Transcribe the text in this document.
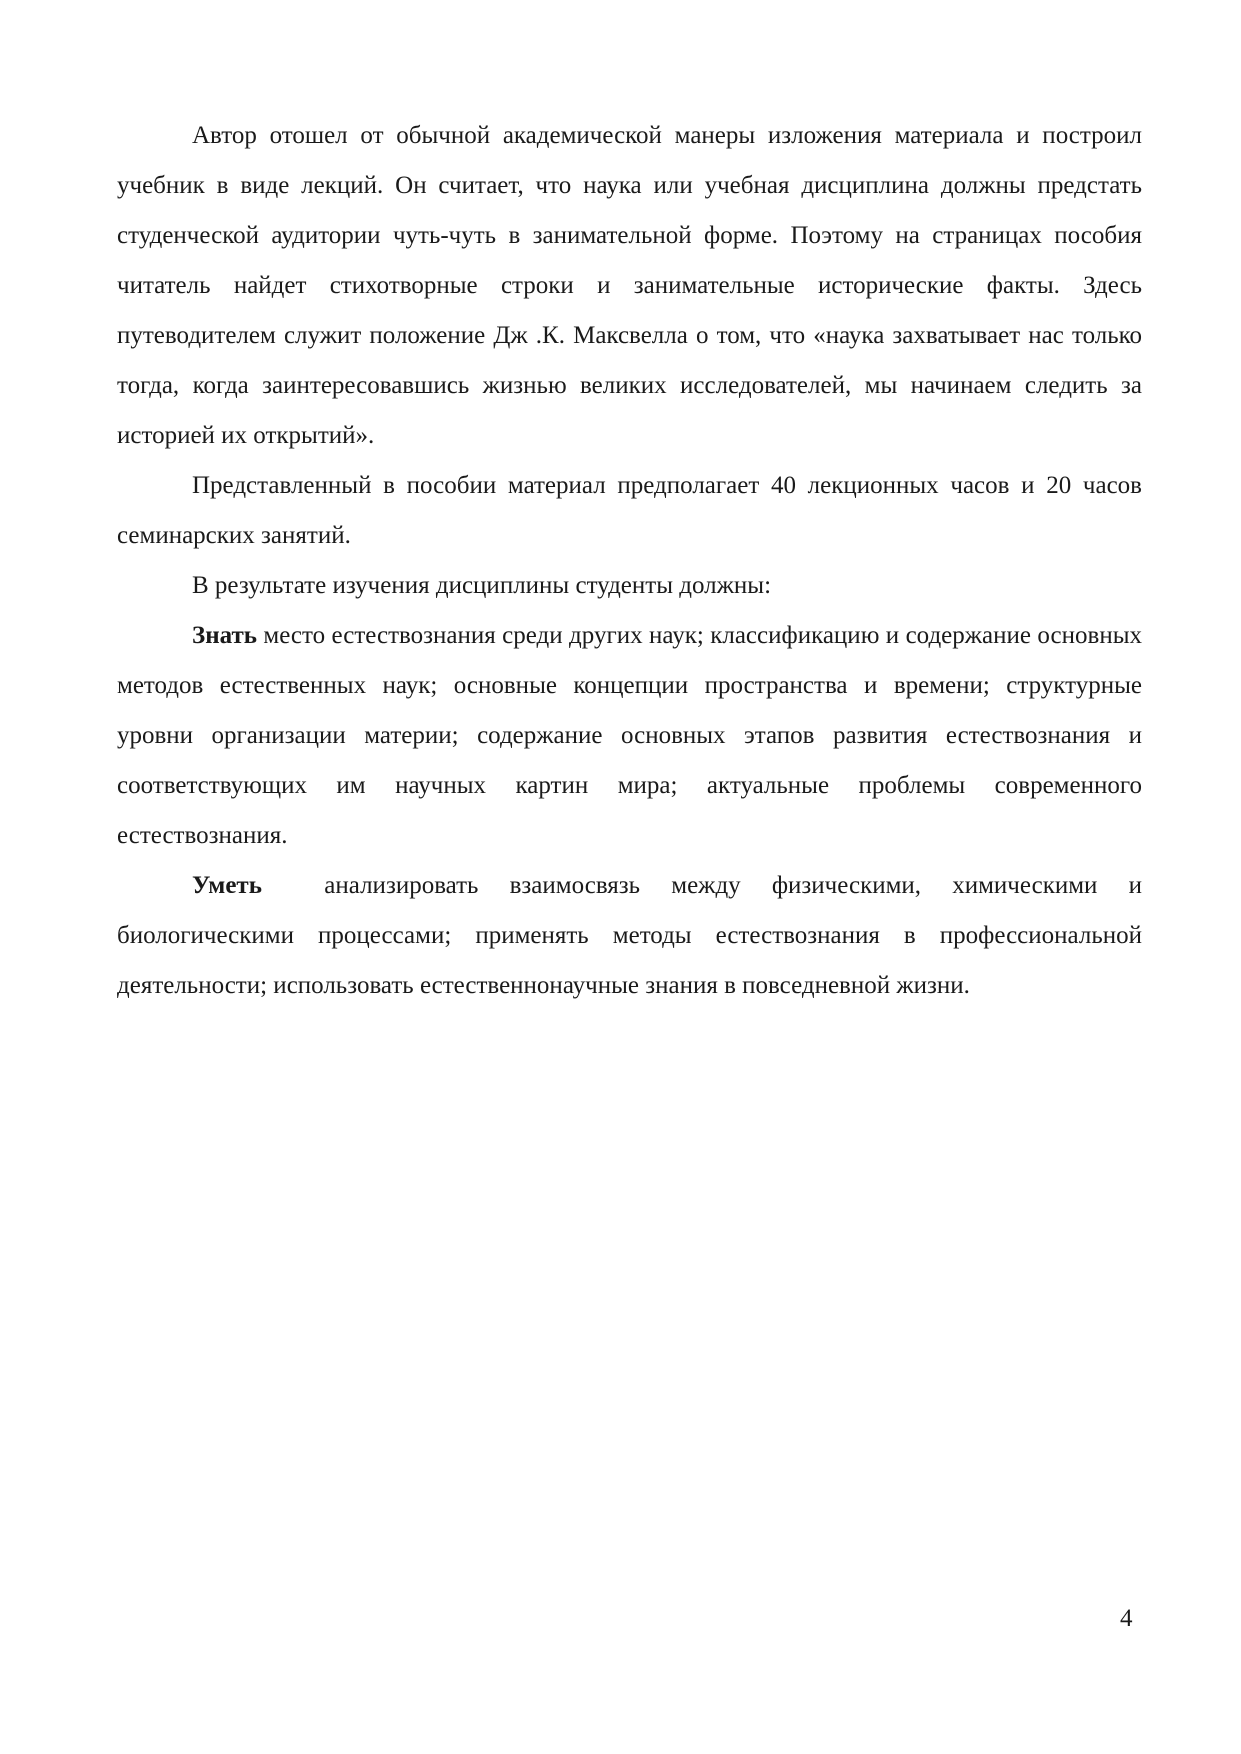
Автор отошел от обычной академической манеры изложения материала и построил учебник в виде лекций. Он считает, что наука или учебная дисциплина должны предстать студенческой аудитории чуть-чуть в занимательной форме. Поэтому на страницах пособия читатель найдет стихотворные строки и занимательные исторические факты. Здесь путеводителем служит положение Дж .К. Максвелла о том, что «наука захватывает нас только тогда, когда заинтересовавшись жизнью великих исследователей, мы начинаем следить за историей их открытий».

Представленный в пособии материал предполагает 40 лекционных часов и 20 часов семинарских занятий.

В результате изучения дисциплины студенты должны:

Знать место естествознания среди других наук; классификацию и содержание основных методов естественных наук; основные концепции пространства и времени; структурные уровни организации материи; содержание основных этапов развития естествознания и соответствующих им научных картин мира; актуальные проблемы современного естествознания.

Уметь  анализировать взаимосвязь между физическими, химическими и биологическими процессами; применять методы естествознания в профессиональной деятельности; использовать естественнонаучные знания в повседневной жизни.

4
